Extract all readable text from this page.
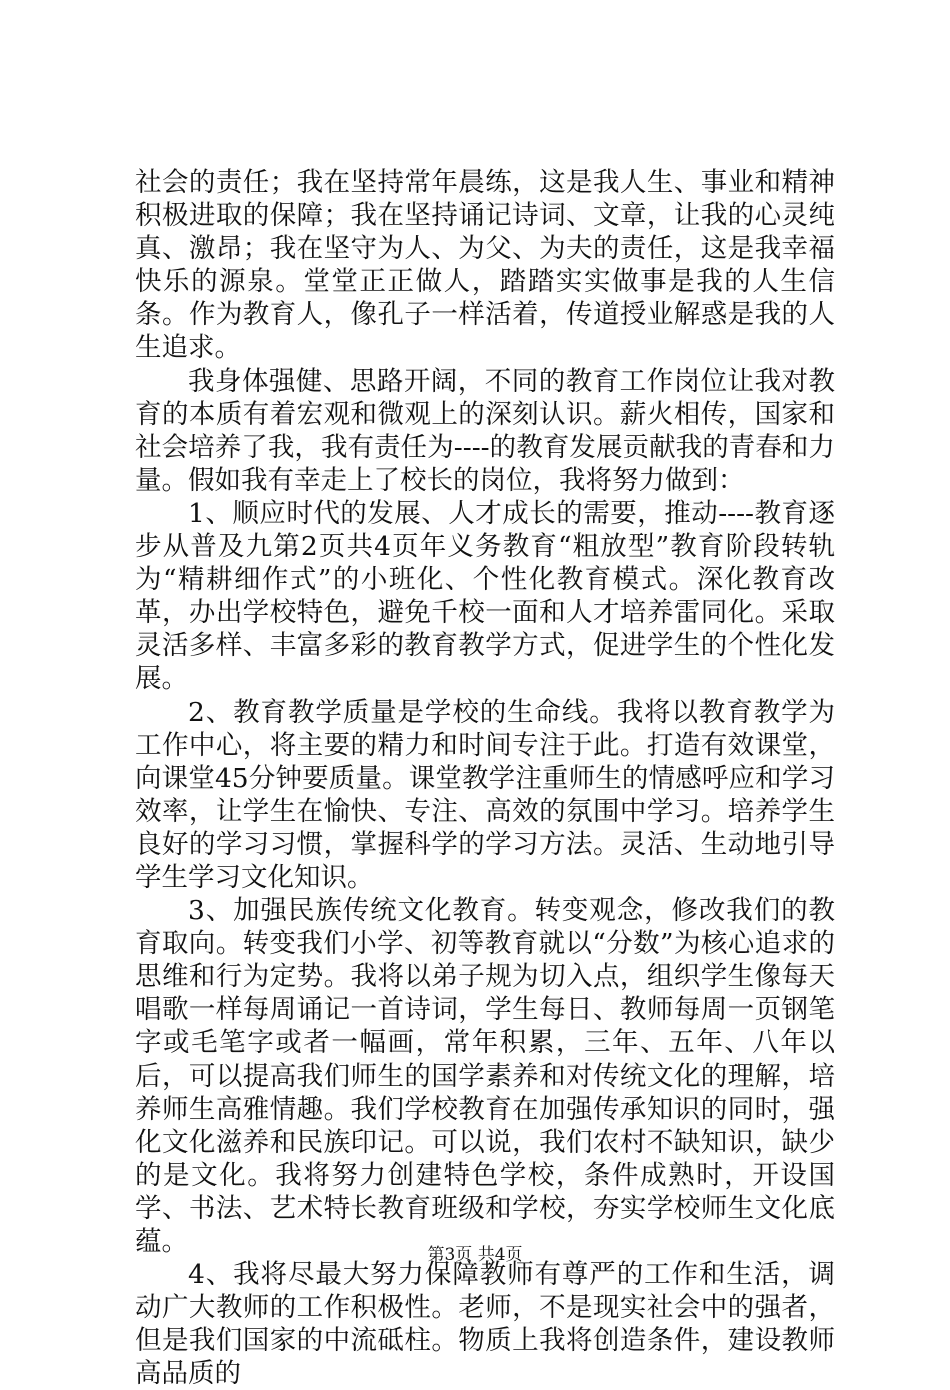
社会的责任；我在坚持常年晨练，这是我人生、事业和精神积极进取的保障；我在坚持诵记诗词、文章，让我的心灵纯真、激昂；我在坚守为人、为父、为夫的责任，这是我幸福快乐的源泉。堂堂正正做人，踏踏实实做事是我的人生信条。作为教育人，像孔子一样活着，传道授业解惑是我的人生追求。

我身体强健、思路开阔，不同的教育工作岗位让我对教育的本质有着宏观和微观上的深刻认识。薪火相传，国家和社会培养了我，我有责任为----的教育发展贡献我的青春和力量。假如我有幸走上了校长的岗位，我将努力做到：

1、顺应时代的发展、人才成长的需要，推动----教育逐步从普及九第2页共4页年义务教育“粗放型”教育阶段转轨为“精耕细作式”的小班化、个性化教育模式。深化教育改革，办出学校特色，避免千校一面和人才培养雷同化。采取灵活多样、丰富多彩的教育教学方式，促进学生的个性化发展。

2、教育教学质量是学校的生命线。我将以教育教学为工作中心，将主要的精力和时间专注于此。打造有效课堂，向课堂45分钟要质量。课堂教学注重师生的情感呼应和学习效率，让学生在愉快、专注、高效的氛围中学习。培养学生良好的学习习惯，掌握科学的学习方法。灵活、生动地引导学生学习文化知识。

3、加强民族传统文化教育。转变观念，修改我们的教育取向。转变我们小学、初等教育就以“分数”为核心追求的思维和行为定势。我将以弟子规为切入点，组织学生像每天唱歌一样每周诵记一首诗词，学生每日、教师每周一页钢笔字或毛笔字或者一幅画，常年积累，三年、五年、八年以后，可以提高我们师生的国学素养和对传统文化的理解，培养师生高雅情趣。我们学校教育在加强传承知识的同时，强化文化滋养和民族印记。可以说，我们农村不缺知识，缺少的是文化。我将努力创建特色学校，条件成熟时，开设国学、书法、艺术特长教育班级和学校，夯实学校师生文化底蕴。

4、我将尽最大努力保障教师有尊严的工作和生活，调动广大教师的工作积极性。老师，不是现实社会中的强者，但是我们国家的中流砥柱。物质上我将创造条件，建设教师高品质的

第3页 共4页
